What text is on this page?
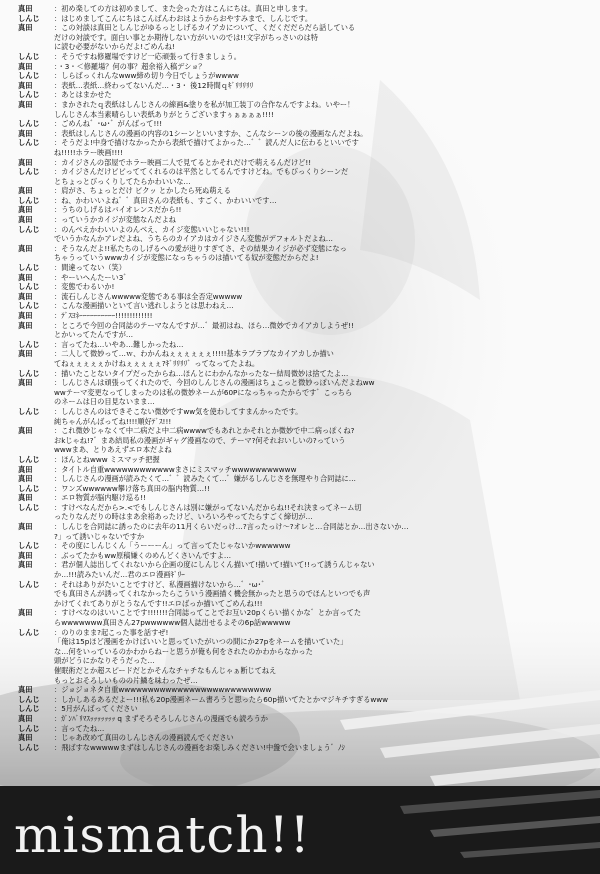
真田	：初め楽しての方は初めまして、また会った方はこんにちは。真田と申します。
しんじ	：はじめましてこんにちはこんばんわおはようからおやすみまで、しんじです。
真田	：この対談は真田としんじがゆるっとしげるカイアカについて、くだくだだらだら話している
だけの対談です。面白い事とか期待しない方がいいのでは!!文字がちっさいのは特
に読む必要がないからだよ!ごめんね!
しんじ	：そうですね修羅場ですけど一応頑張って行きましょう。
真田	：・3・＜修羅場？何の事？超余裕入稿デショ？
しんじ	：しらばっくれんなwww締め切り今日でしょうがwwww
真田	：表紙…表紙…終わってないんだ…・3・ 後12時間ｑｷﾞﾘﾘﾘﾘﾘ
しんじ	：あとはまかせた
真田	：まかされたｑ表紙はしんじさんの線画&塗りを私が加工装丁の合作なんですよね。いやー！
しんじさん本当素晴らしい表紙ありがとうございますぅぁぁぁぁ!!!!
しんじ	：ごめんね゛･ω･゛がんばって!!!
真田	：表紙はしんじさんの漫画の内容の1シーンといいますか、こんなシーンの後の漫画なんだよね。
しんじ	：そうだよ!中身で描けなかったから表紙で描けてよかった…゛゛読んだ人に伝わるといいです
ね!!!!!ホラー映画!!!!
真田	：カイジさんの部屋でホラー映画二人で見てるとかそれだけで萌えるんだけど!!
しんじ	：カイジさんだけビビっててくれるのは平然としてるんですけどね。でもびっくりシーンだ
とちょっとびっくりしてたらかわいいな…
真田	：肩がさ、ちょっとだけ ビクッ とかしたら死ぬ萌える
しんじ	：ね、かわいいよね゛゛真田さんの表紙も、すごく、かわいいです…
真田	：うちのしげるはバイオレンスだから!!
真田	：っていうかカイジが変態なんだよね
しんじ	：のんべえかわいいよのんべえ、カイジ変態いいじゃない!!!
でいうかなんかアレだよね、うちらのカイアカはカイジさん変態がデフォルトだよね…
真田	：そうなんだよ!!私たちのしげるへの愛が迸りすぎてさ、その結果カイジが必ず変態になっ
ちゃうっていうwwwカイジが変態になっちゃうのは描いてる奴が変態だからだよ!
しんじ	：間違ってない（笑）
真田	：やーいへんたーい3゛
しんじ	：変態でわるいか!
真田	：流石しんじさんwwwww変態である事は全否定wwwww
しんじ	：こんな漫画描いといて言い逃れしようとは思わねえ…
真田	：ﾃﾞｽﾖﾈｰｰｰｰｰｰｰｰｰｰ!!!!!!!!!!!!!
真田	：ところで今回の合同誌のテーマなんですが…゛最初はね、ほら…微妙でカイアカしようぜ!!
とかいってたんですが…
しんじ	：言ってたね…いやあ…難しかったね…
真田	：二人して微妙って…ｗ、わかんねぇぇぇぇぇぇ!!!!!基本ラブラブなカイアカしか描い
てねぇぇぇぇぇかけねぇぇぇぇぇ?ｷﾞﾘﾘﾘﾘ゛ってなってたよね。
しんじ	：描いたことないタイプだったからね…ほんとにわかんなかったなー結局微妙は捨てたよ…
真田	：しんじさんは頑張ってくれたので、今回のしんじさんの漫画はちょこっと微妙っぽいんだよねww
wwテーマ変更なってしまったのは私の微妙ネームが60Pになっちゃったからです゛こっちら
のネームは日の目見ないまま…
しんじ	：しんじさんのはできそこない微妙ですww気を使わしてすまんかったです。
純ちゃんがんばってね!!!!順好ﾃﾞｽ!!!
真田	：これ微妙じゃなくて中二病だよ中二病wwwwでもあれとかそれとか微妙で中二病っぽくね?
おkじゃね!?゛まあ結局私の漫画がギャグ漫画なので、テーマ?何それおいしいの?っていう
wwwまあ、とりあえずエロ本だよね
しんじ	：ほんとねwww ミスマッチ把握
真田	：タイトル自重wwwwwwwwwwwwまさにミスマッチwwwwwwwwwww
真田	：しんじさんの漫画が読みたくて…゛゛読みたくて…゛嫌がるしんじさを無理やり合同誌に…
しんじ	：ワンズwwwwww攀け落ち真田の脳内物質…!!
真田	：エロ物質が脳内駆け巡る!!
しんじ	：すけべなんだから>.<でもしんじさんは別に嫌がってないんだからね!!それ決まってネーム切
ったりなんだりの時はまあ余裕あったけど、いろいろやってたらすごく締切が…
真田	：しんじを合同誌に誘ったのに去年の11月くらいだっけ…?言ったっけ〜?オレと…合同誌とか…出さないか…
?」って誘いじゃないですか
しんじ	：その度にしんじくん「うーーーん」って言ってたじゃないかwwwwww
真田	：ぶってたかもww原稿嫌くのめんどくさいんですよ…
真田	：君が個人誌出してくれないから企画の度にしんじくん描いて!描いて!描いて!!って誘うんじゃない
か…!!!読みたいんだ…君のエロ漫画ｷﾞﾘｰ
しんじ	：それはありがたいことですけど、私漫画描けないから…゛･ω･゛
でも真田さんが誘ってくれなかったらこういう漫画描く機会無かったと思うのでほんといつでも声
かけてくれてありがとうなんです!!エロばっか描いてごめんね!!!
真田	：すけべなのはいいことです!!!!!!!合同誌ってことでお互い20pくらい描くかな゛とか言ってた
らwwwwwww真田さん27pwwwwww個人誌出せるよその6p話wwwww
しんじ	：のりのまま?起こった事を話すぜ!
「俺は15pほど漫画をかけばいいと思っていたがいつの間にか27pをネームを描いていた」
な…何をいっているのかわからねーと思うが俺も何をされたのかわからなかった
頭がどうにかなりそうだった…
催眠術だとか超スピードだとかそんなチャチなもんじゃぁ断じてねえ
もっとおそろしいものの片鱗を味わったぜ…
真田	：ジョジョネタ自重wwwwwwwwwwwwwwwwwwwwwwwwww
しんじ	：しかしあるあるだよー!!!私も20p漫画ネーム書ろうと思ったら60p描いてたとかマジキチすぎるwww
しんじ	：5月がんばってください
真田	：ｶﾞﾝﾊﾞﾘﾏｽｯｯｯｯｯｯｯ q まずそろそろしんじさんの漫画でも読ろうか
しんじ	：言ってたね…
真田	：じゃあ改めて真田のしんじさんの漫画読んでください
しんじ	：飛ばすなwwwwwまずはしんじさんの漫画をお楽しみください!中盤で会いましょう゛ﾉｼ
mismatch!!
